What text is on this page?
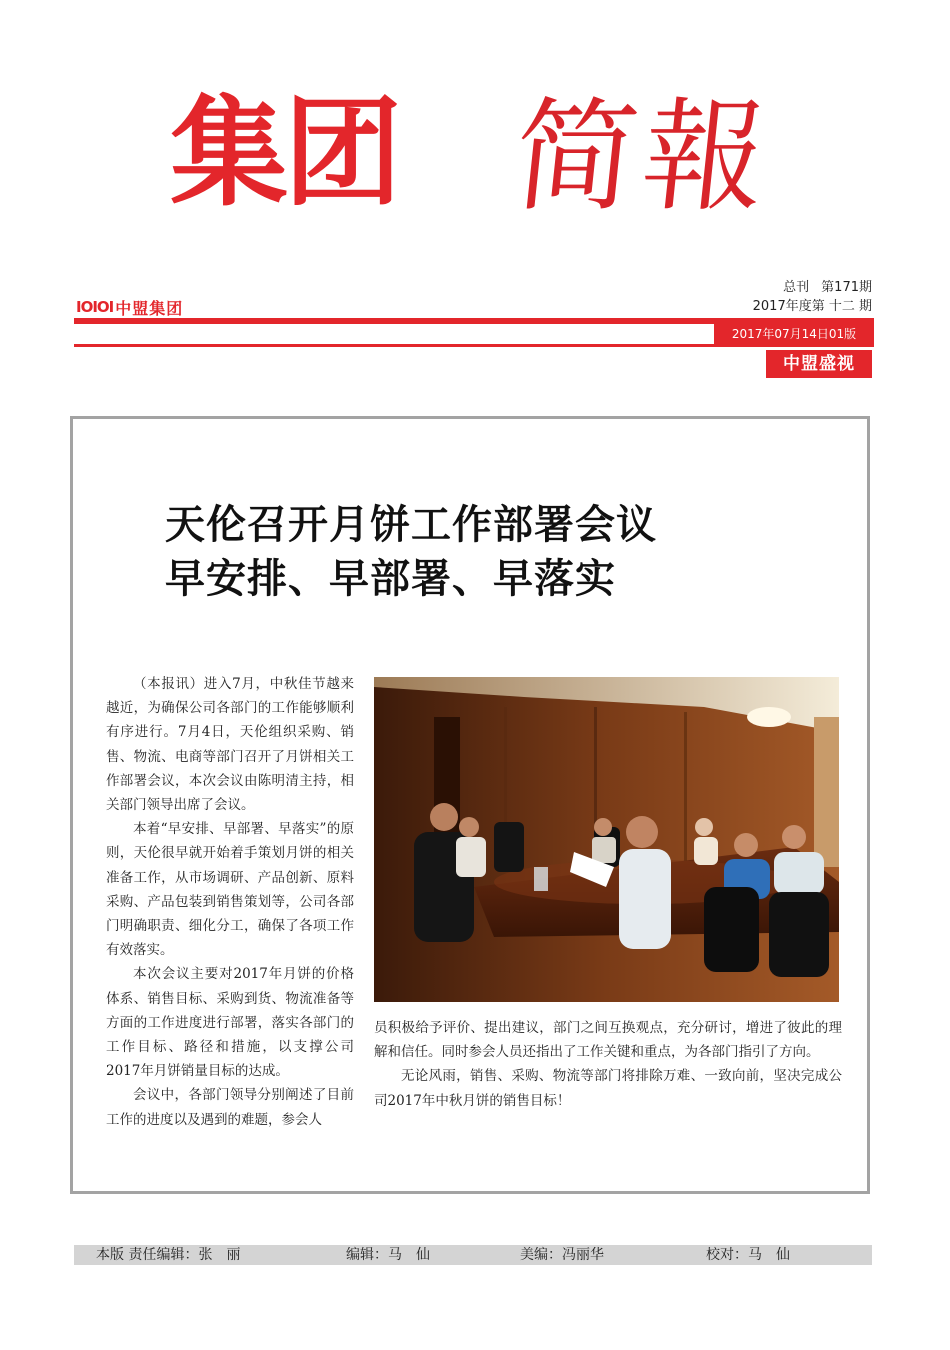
集团 简報
IOIOI 中盟集团
总刊 第171期
2017年度第 十二 期
2017年07月14日01版
中盟盛视
天伦召开月饼工作部署会议
早安排、早部署、早落实

（本报讯）进入7月，中秋佳节越来越近，为确保公司各部门的工作能够顺利有序进行。7月4日，天伦组织采购、销售、物流、电商等部门召开了月饼相关工作部署会议，本次会议由陈明清主持，相关部门领导出席了会议。

本着“早安排、早部署、早落实”的原则，天伦很早就开始着手策划月饼的相关准备工作，从市场调研、产品创新、原料采购、产品包装到销售策划等，公司各部门明确职责、细化分工，确保了各项工作有效落实。

本次会议主要对2017年月饼的价格体系、销售目标、采购到货、物流准备等方面的工作进度进行部署，落实各部门的工作目标、路径和措施，以支撑公司2017年月饼销量目标的达成。

会议中，各部门领导分别阐述了目前工作的进度以及遇到的难题，参会人

员积极给予评价、提出建议，部门之间互换观点，充分研讨，增进了彼此的理解和信任。同时参会人员还指出了工作关键和重点，为各部门指引了方向。

无论风雨，销售、采购、物流等部门将排除万难、一致向前，坚决完成公司2017年中秋月饼的销售目标！

本版 责任编辑：张　丽	编辑：马　仙	美编：冯丽华	校对：马　仙
